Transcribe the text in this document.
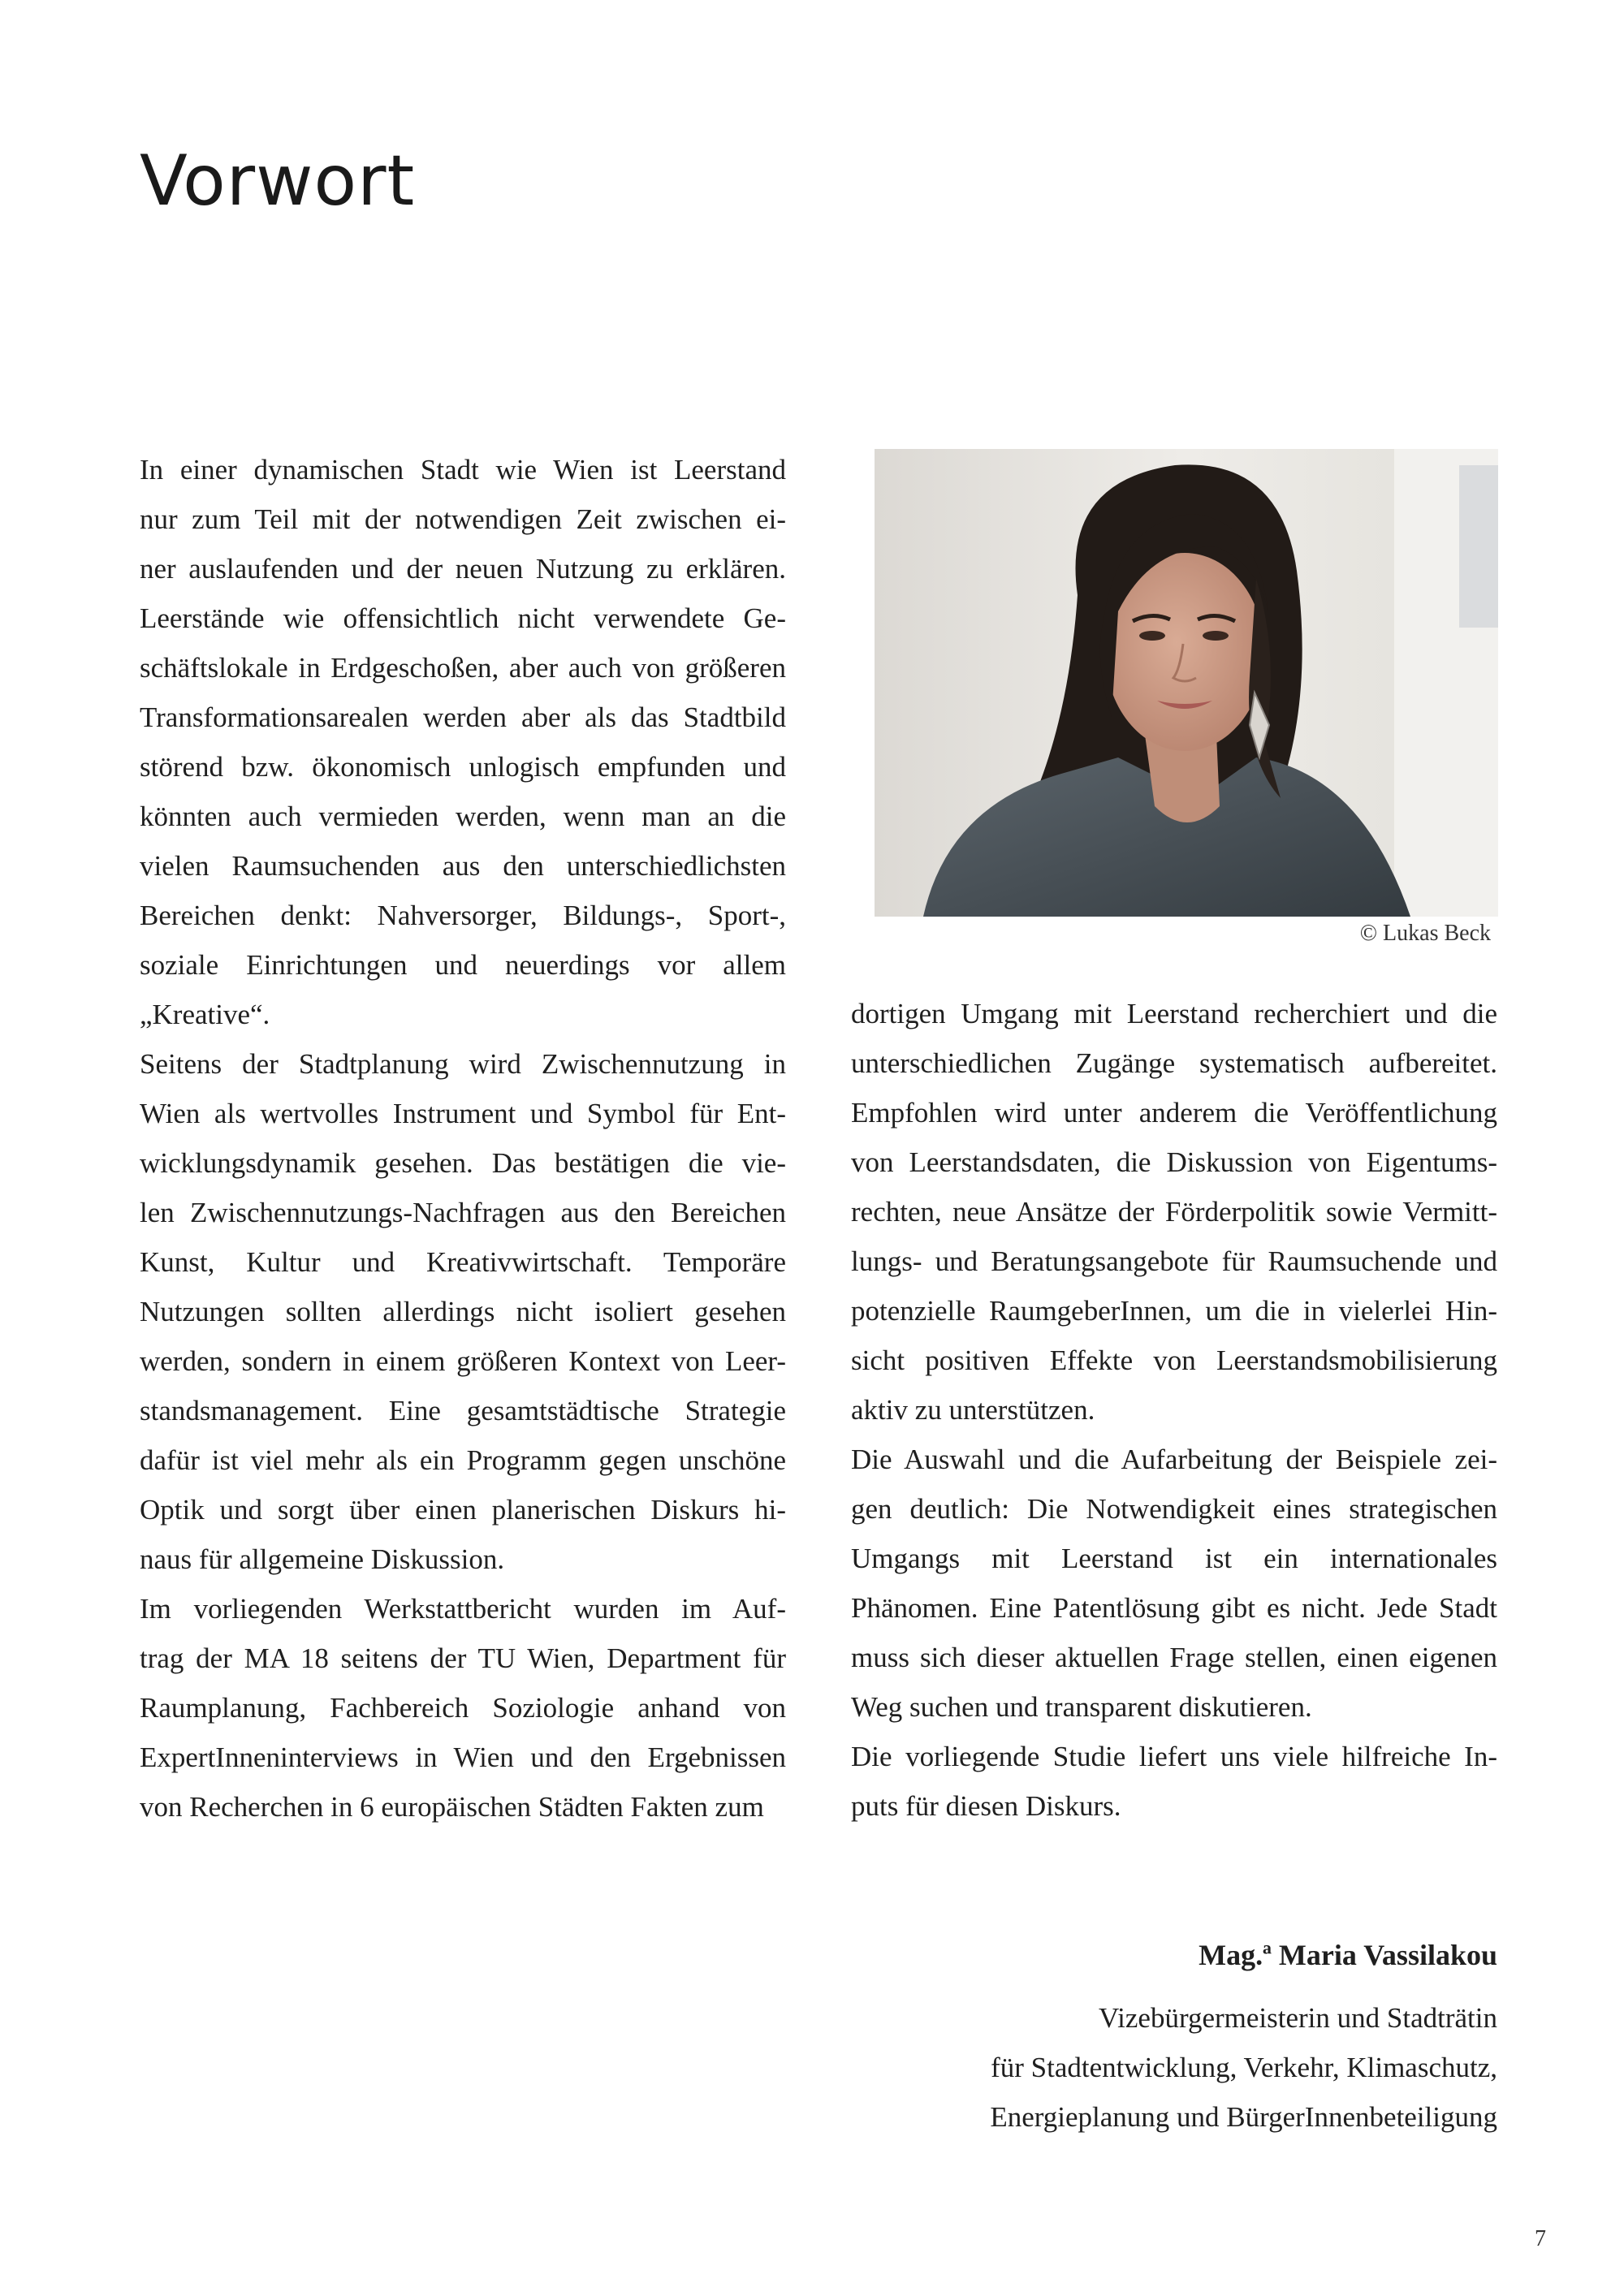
Vorwort
In einer dynamischen Stadt wie Wien ist Leerstand
nur zum Teil mit der notwendigen Zeit zwischen ei-
ner auslaufenden und der neuen Nutzung zu erklären.
Leerstände wie offensichtlich nicht verwendete Ge-
schäftslokale in Erdgeschoßen, aber auch von größeren
Transformationsarealen werden aber als das Stadtbild
störend bzw. ökonomisch unlogisch empfunden und
könnten auch vermieden werden, wenn man an die
vielen Raumsuchenden aus den unterschiedlichsten
Bereichen denkt: Nahversorger, Bildungs-, Sport-,
soziale Einrichtungen und neuerdings vor allem
„Kreative“.
Seitens der Stadtplanung wird Zwischennutzung in
Wien als wertvolles Instrument und Symbol für Ent-
wicklungsdynamik gesehen. Das bestätigen die vie-
len Zwischennutzungs-Nachfragen aus den Bereichen
Kunst, Kultur und Kreativwirtschaft. Temporäre
Nutzungen sollten allerdings nicht isoliert gesehen
werden, sondern in einem größeren Kontext von Leer-
standsmanagement. Eine gesamtstädtische Strategie
dafür ist viel mehr als ein Programm gegen unschöne
Optik und sorgt über einen planerischen Diskurs hi-
naus für allgemeine Diskussion.
Im vorliegenden Werkstattbericht wurden im Auf-
trag der MA 18 seitens der TU Wien, Department für
Raumplanung, Fachbereich Soziologie anhand von
ExpertInneninterviews in Wien und den Ergebnissen
von Recherchen in 6 europäischen Städten Fakten zum
© Lukas Beck
dortigen Umgang mit Leerstand recherchiert und die
unterschiedlichen Zugänge systematisch aufbereitet.
Empfohlen wird unter anderem die Veröffentlichung
von Leerstandsdaten, die Diskussion von Eigentums-
rechten, neue Ansätze der Förderpolitik sowie Vermitt-
lungs- und Beratungsangebote für Raumsuchende und
potenzielle RaumgeberInnen, um die in vielerlei Hin-
sicht positiven Effekte von Leerstandsmobilisierung
aktiv zu unterstützen.
Die Auswahl und die Aufarbeitung der Beispiele zei-
gen deutlich: Die Notwendigkeit eines strategischen
Umgangs mit Leerstand ist ein internationales
Phänomen. Eine Patentlösung gibt es nicht. Jede Stadt
muss sich dieser aktuellen Frage stellen, einen eigenen
Weg suchen und transparent diskutieren.
Die vorliegende Studie liefert uns viele hilfreiche In-
puts für diesen Diskurs.
Mag.ª Maria Vassilakou
Vizebürgermeisterin und Stadträtin
für Stadtentwicklung, Verkehr, Klimaschutz,
Energieplanung und BürgerInnenbeteiligung
7
